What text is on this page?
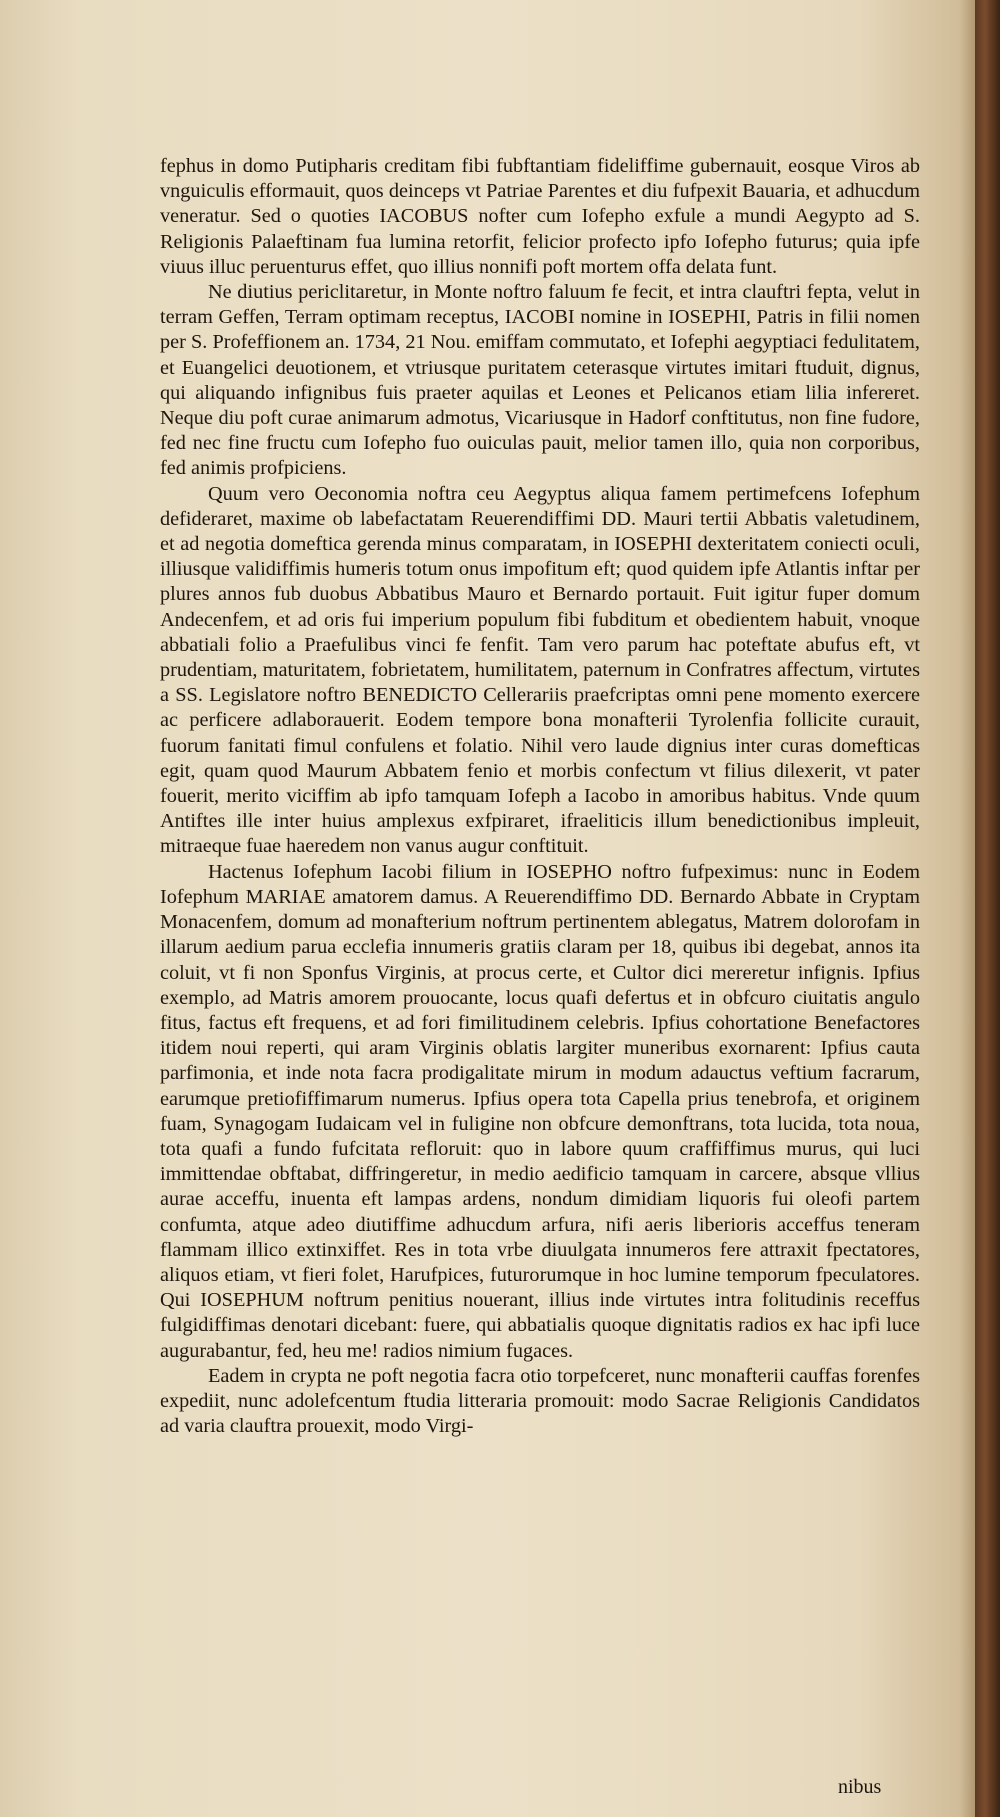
fephus in domo Putipharis creditam fibi fubftantiam fideliffime gubernauit, eosque Viros ab vnguiculis efformauit, quos deinceps vt Patriae Parentes et diu fufpexit Bauaria, et adhucdum veneratur. Sed o quoties IACOBUS nofter cum Iofepho exfule a mundi Aegypto ad S. Religionis Palaeftinam fua lumina retorfit, felicior profecto ipfo Iofepho futurus; quia ipfe viuus illuc peruenturus effet, quo illius nonnifi poft mortem offa delata funt.

Ne diutius periclitaretur, in Monte noftro faluum fe fecit, et intra clauftri fepta, velut in terram Geffen, Terram optimam receptus, IACOBI nomine in IOSEPHI, Patris in filii nomen per S. Profeffionem an. 1734, 21 Nou. emiffam commutato, et Iofephi aegyptiaci fedulitatem, et Euangelici deuotionem, et vtriusque puritatem ceterasque virtutes imitari ftuduit, dignus, qui aliquando infignibus fuis praeter aquilas et Leones et Pelicanos etiam lilia infereret. Neque diu poft curae animarum admotus, Vicariusque in Hadorf conftitutus, non fine fudore, fed nec fine fructu cum Iofepho fuo ouiculas pauit, melior tamen illo, quia non corporibus, fed animis profpiciens.

Quum vero Oeconomia noftra ceu Aegyptus aliqua famem pertimefcens Iofephum defideraret, maxime ob labefactatam Reuerendiffimi DD. Mauri tertii Abbatis valetudinem, et ad negotia domeftica gerenda minus comparatam, in IOSEPHI dexteritatem coniecti oculi, illiusque validiffimis humeris totum onus impofitum eft; quod quidem ipfe Atlantis inftar per plures annos fub duobus Abbatibus Mauro et Bernardo portauit. Fuit igitur fuper domum Andecenfem, et ad oris fui imperium populum fibi fubditum et obedientem habuit, vnoque abbatiali folio a Praefulibus vinci fe fenfit. Tam vero parum hac poteftate abufus eft, vt prudentiam, maturitatem, fobrietatem, humilitatem, paternum in Confratres affectum, virtutes a SS. Legislatore noftro BENEDICTO Cellerariis praefcriptas omni pene momento exercere ac perficere adlaborauerit. Eodem tempore bona monafterii Tyrolenfia follicite curauit, fuorum fanitati fimul confulens et folatio. Nihil vero laude dignius inter curas domefticas egit, quam quod Maurum Abbatem fenio et morbis confectum vt filius dilexerit, vt pater fouerit, merito viciffim ab ipfo tamquam Iofeph a Iacobo in amoribus habitus. Vnde quum Antiftes ille inter huius amplexus exfpiraret, ifraeliticis illum benedictionibus impleuit, mitraeque fuae haeredem non vanus augur conftituit.

Hactenus Iofephum Iacobi filium in IOSEPHO noftro fufpeximus: nunc in Eodem Iofephum MARIAE amatorem damus. A Reuerendiffimo DD. Bernardo Abbate in Cryptam Monacenfem, domum ad monafterium noftrum pertinentem ablegatus, Matrem dolorofam in illarum aedium parua ecclefia innumeris gratiis claram per 18, quibus ibi degebat, annos ita coluit, vt fi non Sponfus Virginis, at procus certe, et Cultor dici mereretur infignis. Ipfius exemplo, ad Matris amorem prouocante, locus quafi defertus et in obfcuro ciuitatis angulo fitus, factus eft frequens, et ad fori fimilitudinem celebris. Ipfius cohortatione Benefactores itidem noui reperti, qui aram Virginis oblatis largiter muneribus exornarent: Ipfius cauta parfimonia, et inde nota facra prodigalitate mirum in modum adauctus veftium facrarum, earumque pretiofiffimarum numerus. Ipfius opera tota Capella prius tenebrofa, et originem fuam, Synagogam Iudaicam vel in fuligine non obfcure demonftrans, tota lucida, tota noua, tota quafi a fundo fufcitata refloruit: quo in labore quum craffiffimus murus, qui luci immittendae obftabat, diffringeretur, in medio aedificio tamquam in carcere, absque vllius aurae acceffu, inuenta eft lampas ardens, nondum dimidiam liquoris fui oleofi partem confumta, atque adeo diutiffime adhucdum arfura, nifi aeris liberioris acceffus teneram flammam illico extinxiffet. Res in tota vrbe diuulgata innumeros fere attraxit fpectatores, aliquos etiam, vt fieri folet, Harufpices, futurorumque in hoc lumine temporum fpeculatores. Qui IOSEPHUM noftrum penitius nouerant, illius inde virtutes intra folitudinis receffus fulgidiffimas denotari dicebant: fuere, qui abbatialis quoque dignitatis radios ex hac ipfi luce augurabantur, fed, heu me! radios nimium fugaces.

Eadem in crypta ne poft negotia facra otio torpefceret, nunc monafterii cauffas forenfes expediit, nunc adolefcentum ftudia litteraria promouit: modo Sacrae Religionis Candidatos ad varia clauftra prouexit, modo Virgi-

nibus
